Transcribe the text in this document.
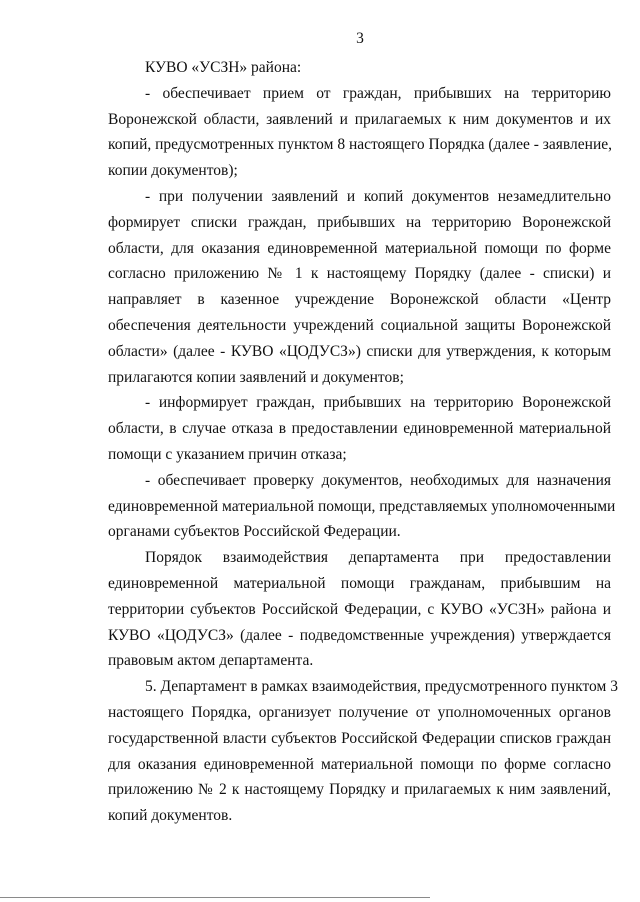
3
КУВО «УСЗН» района:
- обеспечивает прием от граждан, прибывших на территорию
Воронежской области, заявлений и прилагаемых к ним документов и их
копий, предусмотренных пунктом 8 настоящего Порядка (далее - заявление,
копии документов);
- при получении заявлений и копий документов незамедлительно
формирует списки граждан, прибывших на территорию Воронежской
области, для оказания единовременной материальной помощи по форме
согласно приложению № 1 к настоящему Порядку (далее - списки) и
направляет в казенное учреждение Воронежской области «Центр
обеспечения деятельности учреждений социальной защиты Воронежской
области» (далее - КУВО «ЦОДУСЗ») списки для утверждения, к которым
прилагаются копии заявлений и документов;
- информирует граждан, прибывших на территорию Воронежской
области, в случае отказа в предоставлении единовременной материальной
помощи с указанием причин отказа;
- обеспечивает проверку документов, необходимых для назначения
единовременной материальной помощи, представляемых уполномоченными
органами субъектов Российской Федерации.
Порядок взаимодействия департамента при предоставлении
единовременной материальной помощи гражданам, прибывшим на
территории субъектов Российской Федерации, с КУВО «УСЗН» района и
КУВО «ЦОДУСЗ» (далее - подведомственные учреждения) утверждается
правовым актом департамента.
5. Департамент в рамках взаимодействия, предусмотренного пунктом 3
настоящего Порядка, организует получение от уполномоченных органов
государственной власти субъектов Российской Федерации списков граждан
для оказания единовременной материальной помощи по форме согласно
приложению № 2 к настоящему Порядку и прилагаемых к ним заявлений,
копий документов.
